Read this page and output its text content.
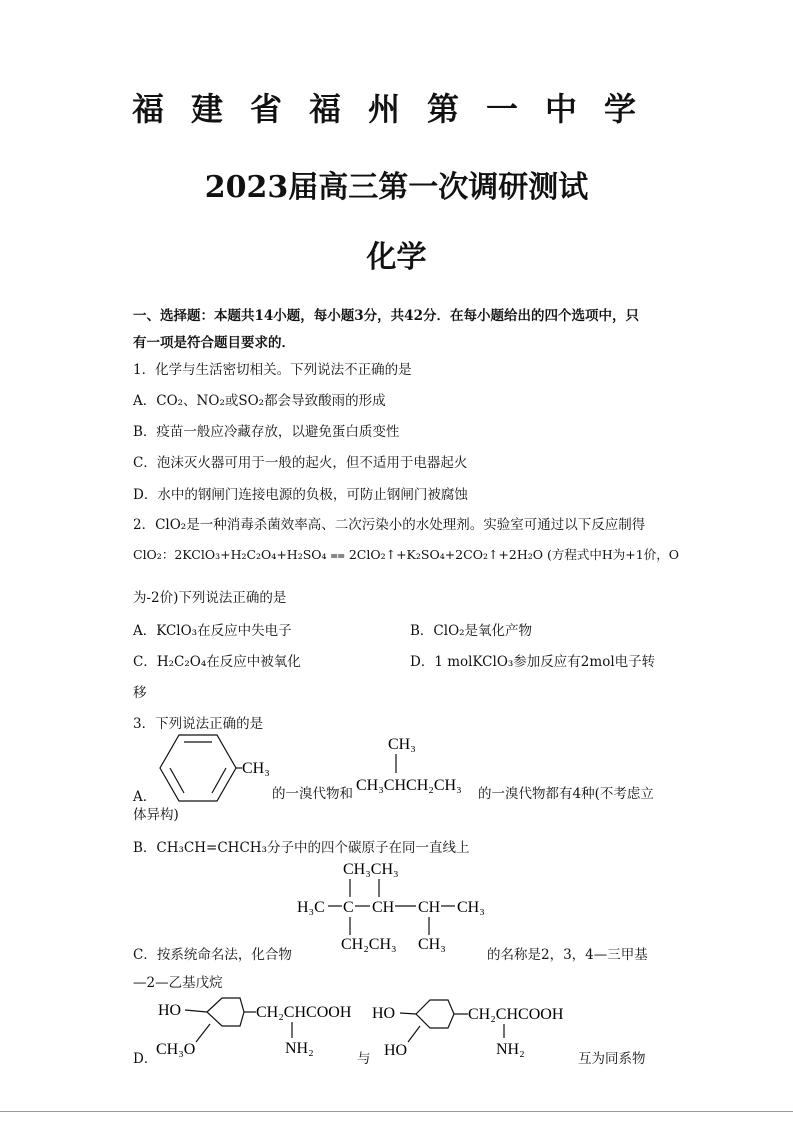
福建省福州第一中学
2023届高三第一次调研测试
化学
一、选择题：本题共14小题，每小题3分，共42分．在每小题给出的四个选项中，只
有一项是符合题目要求的．
1．化学与生活密切相关。下列说法不正确的是
A．CO₂、NO₂或SO₂都会导致酸雨的形成
B．疫苗一般应冷藏存放，以避免蛋白质变性
C．泡沫灭火器可用于一般的起火，但不适用于电器起火
D．水中的钢闸门连接电源的负极，可防止钢闸门被腐蚀
2．ClO₂是一种消毒杀菌效率高、二次污染小的水处理剂。实验室可通过以下反应制得
ClO₂：2KClO₃+H₂C₂O₄+H₂SO₄ ⩵ 2ClO₂↑+K₂SO₄+2CO₂↑+2H₂O (方程式中H为+1价，O
为-2价)下列说法正确的是
A．KClO₃在反应中失电子	B．ClO₂是氧化产物
C．H₂C₂O₄在反应中被氧化	D．1 molKClO₃参加反应有2mol电子转
移
3．下列说法正确的是
CH₃
A．	的一溴代物和
CH₃
CH₃CHCH₂CH₃ 的一溴代物都有4种(不考虑立
体异构)
B．CH₃CH=CHCH₃分子中的四个碳原子在同一直线上
CH₃CH₃
H₃C C CH CH CH₃
CH₂CH₃ CH₃
C．按系统命名法，化合物	的名称是2，3，4—三甲基
—2—乙基戊烷
HO
CH₃O
CH₂CHCOOH
NH₂
D．	与
HO
HO
CH₂CHCOOH
NH₂
互为同系物
